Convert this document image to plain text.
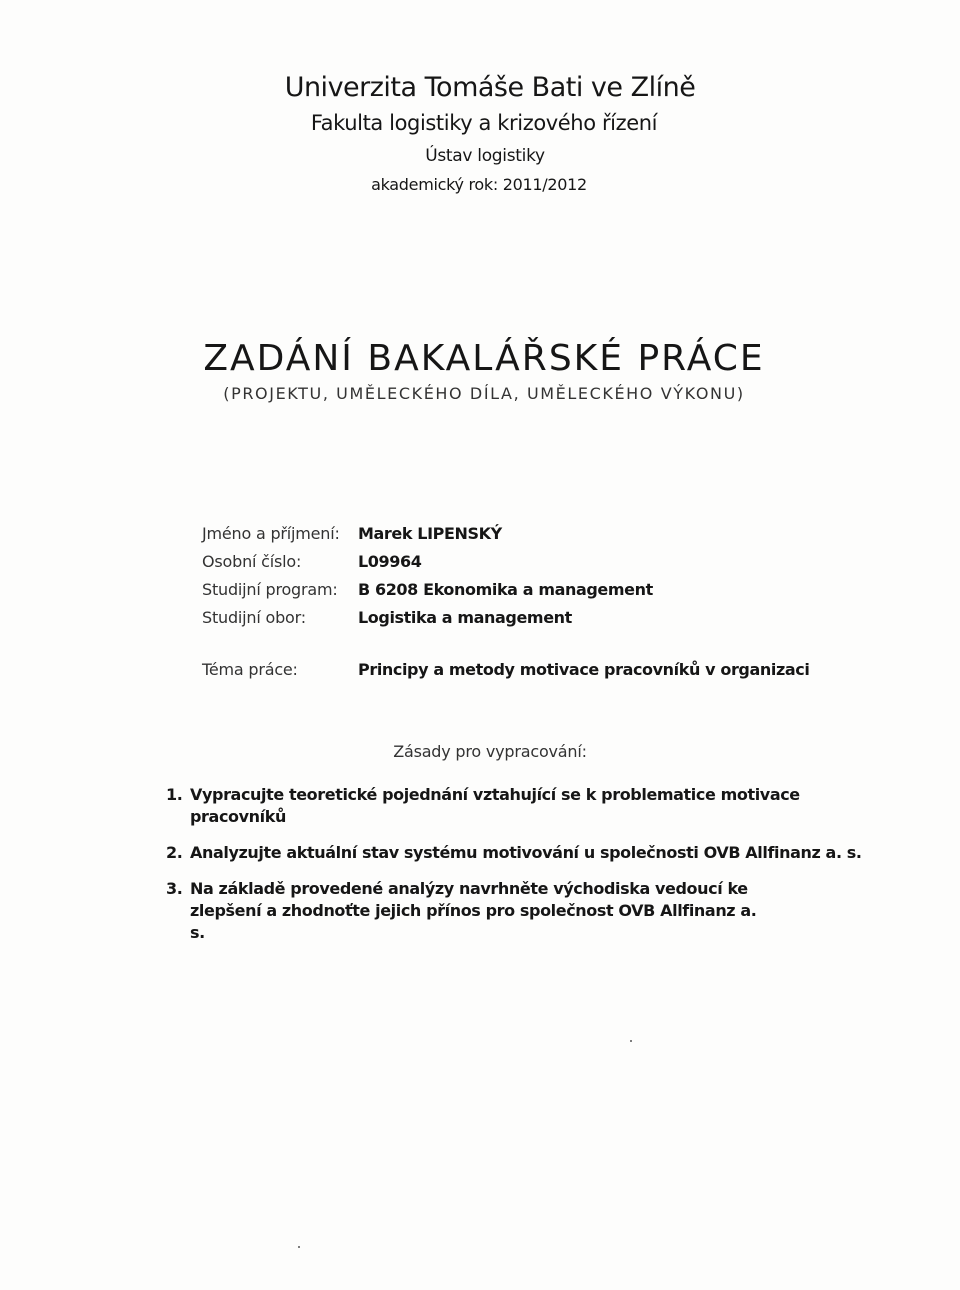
Univerzita Tomáše Bati ve Zlíně
Fakulta logistiky a krizového řízení
Ústav logistiky
akademický rok: 2011/2012
ZADÁNÍ BAKALÁŘSKÉ PRÁCE
(PROJEKTU, UMĚLECKÉHO DÍLA, UMĚLECKÉHO VÝKONU)
Jméno a příjmení:	Marek LIPENSKÝ
Osobní číslo:	L09964
Studijní program:	B 6208 Ekonomika a management
Studijní obor:	Logistika a management
Téma práce:	Principy a metody motivace pracovníků v organizaci
Zásady pro vypracování:
1. Vypracujte teoretické pojednání vztahující se k problematice motivace pracovníků
2. Analyzujte aktuální stav systému motivování u společnosti OVB Allfinanz a. s.
3. Na základě provedené analýzy navrhněte východiska vedoucí ke zlepšení a zhodnoťte jejich přínos pro společnost OVB Allfinanz a. s.
